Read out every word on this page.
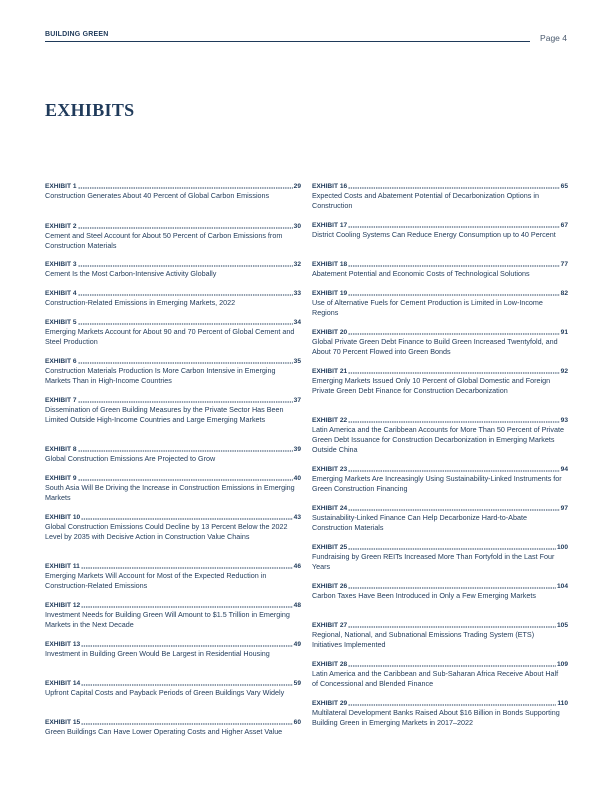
BUILDING GREEN	Page 4
EXHIBITS
EXHIBIT 1	29
Construction Generates About 40 Percent of Global Carbon Emissions
EXHIBIT 2	30
Cement and Steel Account for About 50 Percent of Carbon Emissions from Construction Materials
EXHIBIT 3	32
Cement Is the Most Carbon-Intensive Activity Globally
EXHIBIT 4	33
Construction-Related Emissions in Emerging Markets, 2022
EXHIBIT 5	34
Emerging Markets Account for About 90 and 70 Percent of Global Cement and Steel Production
EXHIBIT 6	35
Construction Materials Production Is More Carbon Intensive in Emerging Markets Than in High-Income Countries
EXHIBIT 7	37
Dissemination of Green Building Measures by the Private Sector Has Been Limited Outside High-Income Countries and Large Emerging Markets
EXHIBIT 8	39
Global Construction Emissions Are Projected to Grow
EXHIBIT 9	40
South Asia Will Be Driving the Increase in Construction Emissions in Emerging Markets
EXHIBIT 10	43
Global Construction Emissions Could Decline by 13 Percent Below the 2022 Level by 2035 with Decisive Action in Construction Value Chains
EXHIBIT 11	46
Emerging Markets Will Account for Most of the Expected Reduction in Construction-Related Emissions
EXHIBIT 12	48
Investment Needs for Building Green Will Amount to $1.5 Trillion in Emerging Markets in the Next Decade
EXHIBIT 13	49
Investment in Building Green Would Be Largest in Residential Housing
EXHIBIT 14	59
Upfront Capital Costs and Payback Periods of Green Buildings Vary Widely
EXHIBIT 15	60
Green Buildings Can Have Lower Operating Costs and Higher Asset Value
EXHIBIT 16	65
Expected Costs and Abatement Potential of Decarbonization Options in Construction
EXHIBIT 17	67
District Cooling Systems Can Reduce Energy Consumption up to 40 Percent
EXHIBIT 18	77
Abatement Potential and Economic Costs of Technological Solutions
EXHIBIT 19	82
Use of Alternative Fuels for Cement Production is Limited in Low-Income Regions
EXHIBIT 20	91
Global Private Green Debt Finance to Build Green Increased Twentyfold, and About 70 Percent Flowed into Green Bonds
EXHIBIT 21	92
Emerging Markets Issued Only 10 Percent of Global Domestic and Foreign Private Green Debt Finance for Construction Decarbonization
EXHIBIT 22	93
Latin America and the Caribbean Accounts for More Than 50 Percent of Private Green Debt Issuance for Construction Decarbonization in Emerging Markets Outside China
EXHIBIT 23	94
Emerging Markets Are Increasingly Using Sustainability-Linked Instruments for Green Construction Financing
EXHIBIT 24	97
Sustainability-Linked Finance Can Help Decarbonize Hard-to-Abate Construction Materials
EXHIBIT 25	100
Fundraising by Green REITs Increased More Than Fortyfold in the Last Four Years
EXHIBIT 26	104
Carbon Taxes Have Been Introduced in Only a Few Emerging Markets
EXHIBIT 27	105
Regional, National, and Subnational Emissions Trading System (ETS) Initiatives Implemented
EXHIBIT 28	109
Latin America and the Caribbean and Sub-Saharan Africa Receive About Half of Concessional and Blended Finance
EXHIBIT 29	110
Multilateral Development Banks Raised About $16 Billion in Bonds Supporting Building Green in Emerging Markets in 2017–2022
